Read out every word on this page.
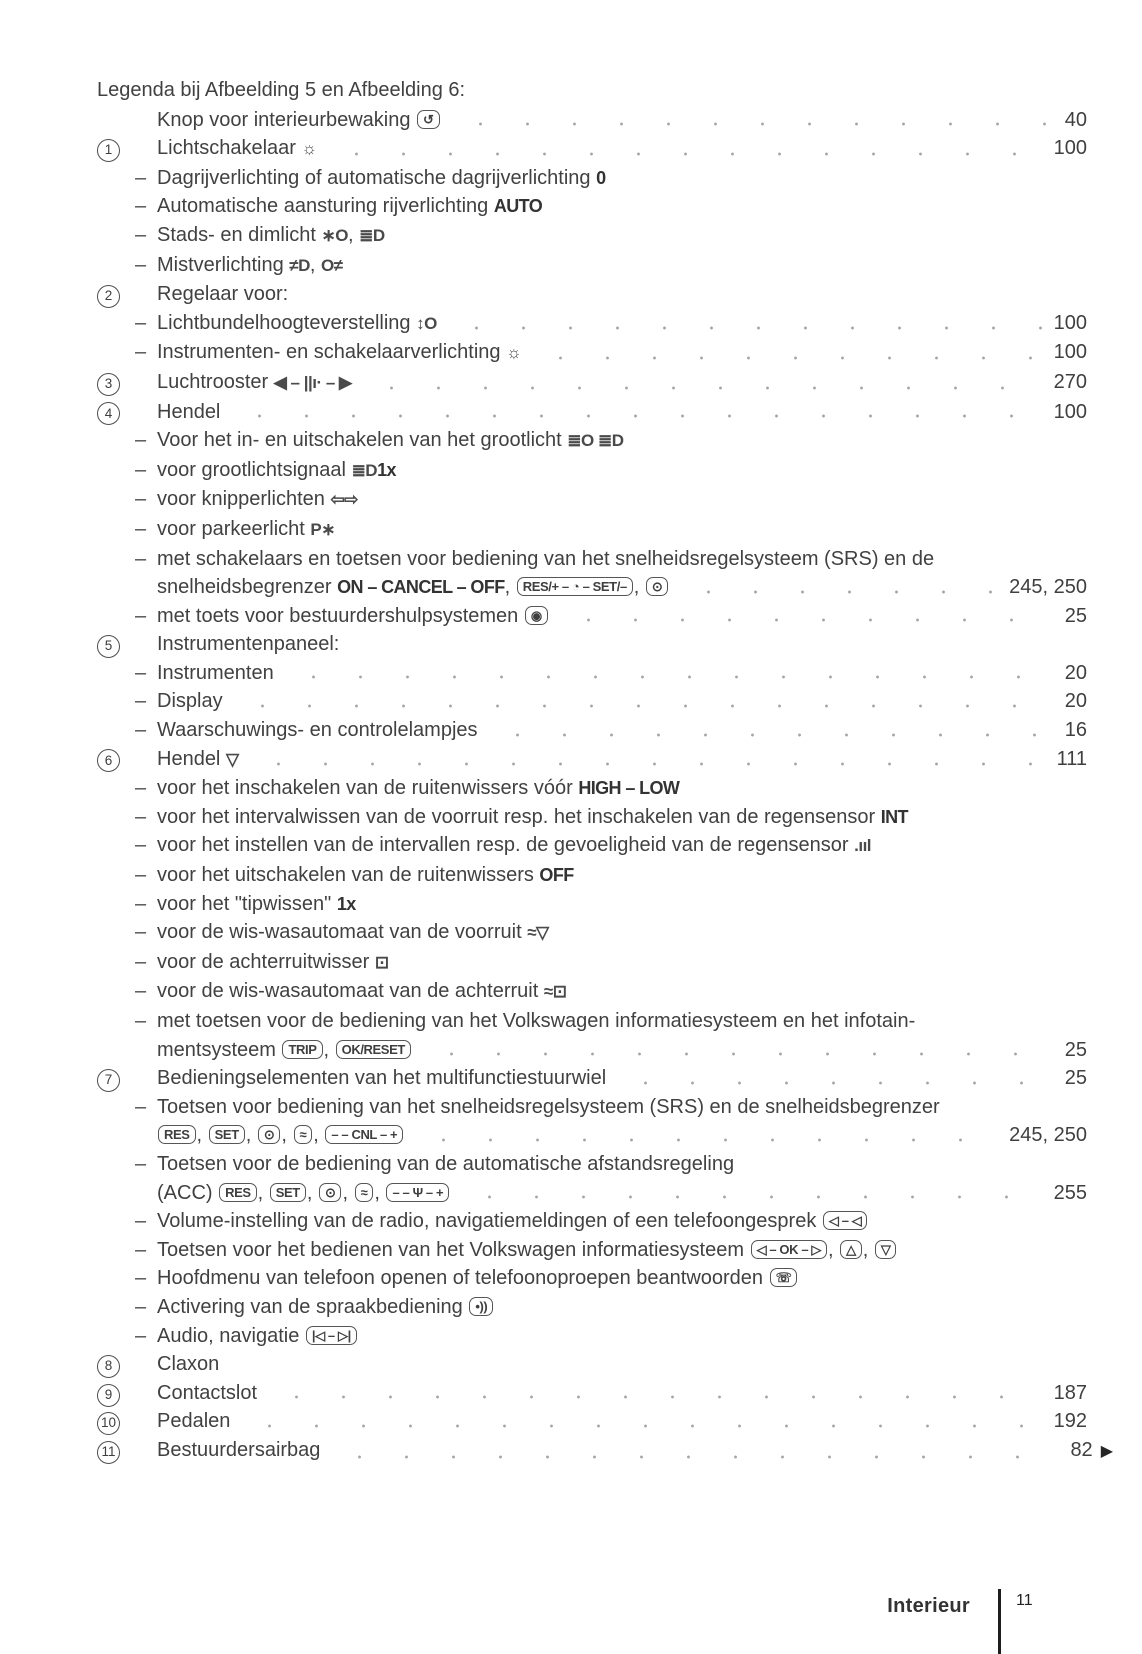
Legenda bij Afbeelding 5 en Afbeelding 6:
Knop voor interieurbewaking ↺	40
1	Lichtschakelaar ☼	100
– Dagrijverlichting of automatische dagrijverlichting 0
– Automatische aansturing rijverlichting AUTO
– Stads- en dimlicht ∗O, ≣D
– Mistverlichting ≠D, O≠
2	Regelaar voor:
– Lichtbundelhoogteverstelling ↕O	100
– Instrumenten- en schakelaarverlichting ☼	100
3	Luchtrooster ◀ – ||ı· – ▶	270
4	Hendel	100
– Voor het in- en uitschakelen van het grootlicht ≣O ≣D
– voor grootlichtsignaal ≣D1x
– voor knipperlichten ⇦⇨
– voor parkeerlicht P∗
– met schakelaars en toetsen voor bediening van het snelheidsregelsysteem (SRS) en de
snelheidsbegrenzer ON – CANCEL – OFF, RES/+ – ◔ – SET/– , ⊙	245, 250
– met toets voor bestuurdershulpsystemen ◉	25
5	Instrumentenpaneel:
– Instrumenten	20
– Display	20
– Waarschuwings- en controlelampjes	16
6	Hendel ▽	111
– voor het inschakelen van de ruitenwissers vóór HIGH – LOW
– voor het intervalwissen van de voorruit resp. het inschakelen van de regensensor INT
– voor het instellen van de intervallen resp. de gevoeligheid van de regensensor .ııl
– voor het uitschakelen van de ruitenwissers OFF
– voor het "tipwissen" 1x
– voor de wis-wasautomaat van de voorruit ≈▽
– voor de achterruitwisser ⊡
– voor de wis-wasautomaat van de achterruit ≈⊡
– met toetsen voor de bediening van het Volkswagen informatiesysteem en het infotain-
mentsysteem TRIP , OK/RESET	25
7	Bedieningselementen van het multifunctiestuurwiel	25
– Toetsen voor bediening van het snelheidsregelsysteem (SRS) en de snelheidsbegrenzer
RES , SET , ⊙ , ≈ , – – CNL – +	245, 250
– Toetsen voor de bediening van de automatische afstandsregeling
(ACC) RES , SET , ⊙ , ≈ , – – Ψ – +	255
– Volume-instelling van de radio, navigatiemeldingen of een telefoongesprek ◁ – ◁
– Toetsen voor het bedienen van het Volkswagen informatiesysteem ◁ – OK – ▷ , △ , ▽
– Hoofdmenu van telefoon openen of telefoonoproepen beantwoorden ☏
– Activering van de spraakbediening •))
– Audio, navigatie |◁ – ▷|
8	Claxon
9	Contactslot	187
10	Pedalen	192
11	Bestuurdersairbag	82 ▶
Interieur	11
